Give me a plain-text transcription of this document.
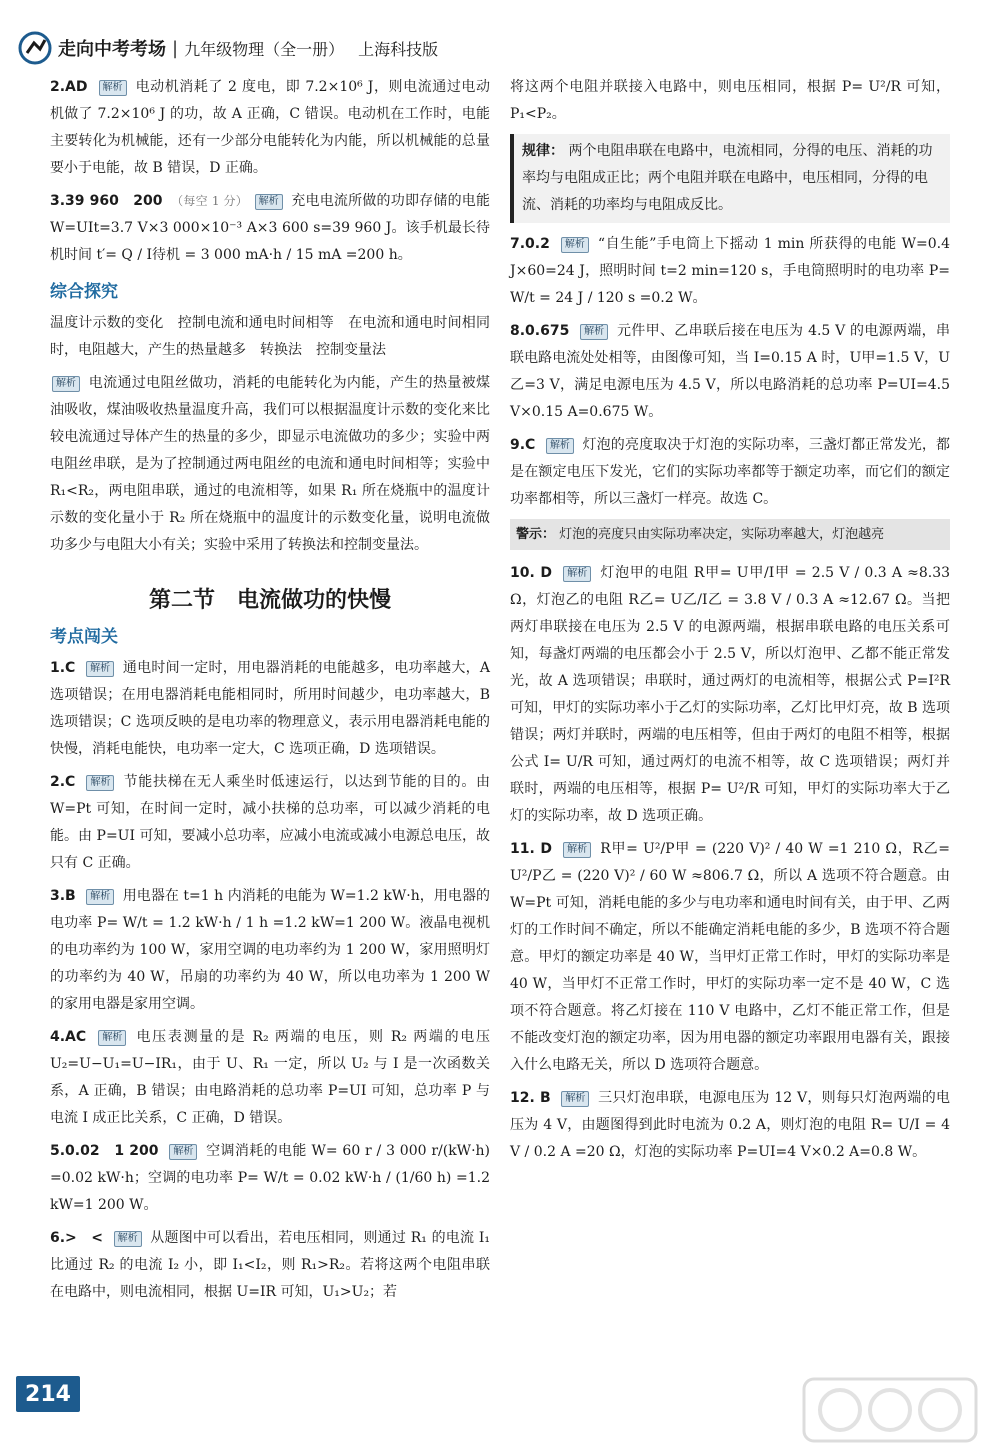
走向中考考场 | 九年级物理（全一册） 上海科技版
2.AD 解析 电动机消耗了 2 度电，即 7.2×10⁶ J，则电流通过电动机做了 7.2×10⁶ J 的功，故 A 正确，C 错误。电动机在工作时，电能主要转化为机械能，还有一少部分电能转化为内能，所以机械能的总量要小于电能，故 B 错误，D 正确。
3.39 960　200 （每空 1 分） 解析 充电电流所做的功即存储的电能 W=UIt=3.7 V×3 000×10⁻³ A×3 600 s=39 960 J。该手机最长待机时间 t′= Q / I待机 = 3 000 mA·h / 15 mA =200 h。
综合探究
温度计示数的变化　控制电流和通电时间相等　在电流和通电时间相同时，电阻越大，产生的热量越多　转换法　控制变量法
解析 电流通过电阻丝做功，消耗的电能转化为内能，产生的热量被煤油吸收，煤油吸收热量温度升高，我们可以根据温度计示数的变化来比较电流通过导体产生的热量的多少，即显示电流做功的多少；实验中两电阻丝串联，是为了控制通过两电阻丝的电流和通电时间相等；实验中 R₁<R₂，两电阻串联，通过的电流相等，如果 R₁ 所在烧瓶中的温度计示数的变化量小于 R₂ 所在烧瓶中的温度计的示数变化量，说明电流做功多少与电阻大小有关；实验中采用了转换法和控制变量法。
第二节　电流做功的快慢
考点闯关
1.C 解析 通电时间一定时，用电器消耗的电能越多，电功率越大，A 选项错误；在用电器消耗电能相同时，所用时间越少，电功率越大，B 选项错误；C 选项反映的是电功率的物理意义，表示用电器消耗电能的快慢，消耗电能快，电功率一定大，C 选项正确，D 选项错误。
2.C 解析 节能扶梯在无人乘坐时低速运行，以达到节能的目的。由 W=Pt 可知，在时间一定时，减小扶梯的总功率，可以减少消耗的电能。由 P=UI 可知，要减小总功率，应减小电流或减小电源总电压，故只有 C 正确。
3.B 解析 用电器在 t=1 h 内消耗的电能为 W=1.2 kW·h，用电器的电功率 P= W/t = 1.2 kW·h / 1 h =1.2 kW=1 200 W。液晶电视机的电功率约为 100 W，家用空调的电功率约为 1 200 W，家用照明灯的功率约为 40 W，吊扇的功率约为 40 W，所以电功率为 1 200 W 的家用电器是家用空调。
4.AC 解析 电压表测量的是 R₂ 两端的电压，则 R₂ 两端的电压 U₂=U−U₁=U−IR₁，由于 U、R₁ 一定，所以 U₂ 与 I 是一次函数关系，A 正确，B 错误；由电路消耗的总功率 P=UI 可知，总功率 P 与电流 I 成正比关系，C 正确，D 错误。
5.0.02　1 200 解析 空调消耗的电能 W= 60 r / 3 000 r/(kW·h) =0.02 kW·h；空调的电功率 P= W/t = 0.02 kW·h / (1/60 h) =1.2 kW=1 200 W。
6.>　< 解析 从题图中可以看出，若电压相同，则通过 R₁ 的电流 I₁ 比通过 R₂ 的电流 I₂ 小，即 I₁<I₂，则 R₁>R₂。若将这两个电阻串联在电路中，则电流相同，根据 U=IR 可知，U₁>U₂；若
将这两个电阻并联接入电路中，则电压相同，根据 P= U²/R 可知，P₁<P₂。
规律： 两个电阻串联在电路中，电流相同，分得的电压、消耗的功率均与电阻成正比；两个电阻并联在电路中，电压相同，分得的电流、消耗的功率均与电阻成反比。
7.0.2 解析 “自生能”手电筒上下摇动 1 min 所获得的电能 W=0.4 J×60=24 J，照明时间 t=2 min=120 s，手电筒照明时的电功率 P= W/t = 24 J / 120 s =0.2 W。
8.0.675 解析 元件甲、乙串联后接在电压为 4.5 V 的电源两端，串联电路电流处处相等，由图像可知，当 I=0.15 A 时，U甲=1.5 V，U乙=3 V，满足电源电压为 4.5 V，所以电路消耗的总功率 P=UI=4.5 V×0.15 A=0.675 W。
9.C 解析 灯泡的亮度取决于灯泡的实际功率，三盏灯都正常发光，都是在额定电压下发光，它们的实际功率都等于额定功率，而它们的额定功率都相等，所以三盏灯一样亮。故选 C。
警示： 灯泡的亮度只由实际功率决定，实际功率越大，灯泡越亮
10. D 解析 灯泡甲的电阻 R甲= U甲/I甲 = 2.5 V / 0.3 A ≈8.33 Ω，灯泡乙的电阻 R乙= U乙/I乙 = 3.8 V / 0.3 A ≈12.67 Ω。当把两灯串联接在电压为 2.5 V 的电源两端，根据串联电路的电压关系可知，每盏灯两端的电压都会小于 2.5 V，所以灯泡甲、乙都不能正常发光，故 A 选项错误；串联时，通过两灯的电流相等，根据公式 P=I²R 可知，甲灯的实际功率小于乙灯的实际功率，乙灯比甲灯亮，故 B 选项错误；两灯并联时，两端的电压相等，但由于两灯的电阻不相等，根据公式 I= U/R 可知，通过两灯的电流不相等，故 C 选项错误；两灯并联时，两端的电压相等，根据 P= U²/R 可知，甲灯的实际功率大于乙灯的实际功率，故 D 选项正确。
11. D 解析 R甲= U²/P甲 = (220 V)² / 40 W =1 210 Ω，R乙= U²/P乙 = (220 V)² / 60 W ≈806.7 Ω，所以 A 选项不符合题意。由 W=Pt 可知，消耗电能的多少与电功率和通电时间有关，由于甲、乙两灯的工作时间不确定，所以不能确定消耗电能的多少，B 选项不符合题意。甲灯的额定功率是 40 W，当甲灯正常工作时，甲灯的实际功率是 40 W，当甲灯不正常工作时，甲灯的实际功率一定不是 40 W，C 选项不符合题意。将乙灯接在 110 V 电路中，乙灯不能正常工作，但是不能改变灯泡的额定功率，因为用电器的额定功率跟用电器有关，跟接入什么电路无关，所以 D 选项符合题意。
12. B 解析 三只灯泡串联，电源电压为 12 V，则每只灯泡两端的电压为 4 V，由题图得到此时电流为 0.2 A，则灯泡的电阻 R= U/I = 4 V / 0.2 A =20 Ω，灯泡的实际功率 P=UI=4 V×0.2 A=0.8 W。
214
